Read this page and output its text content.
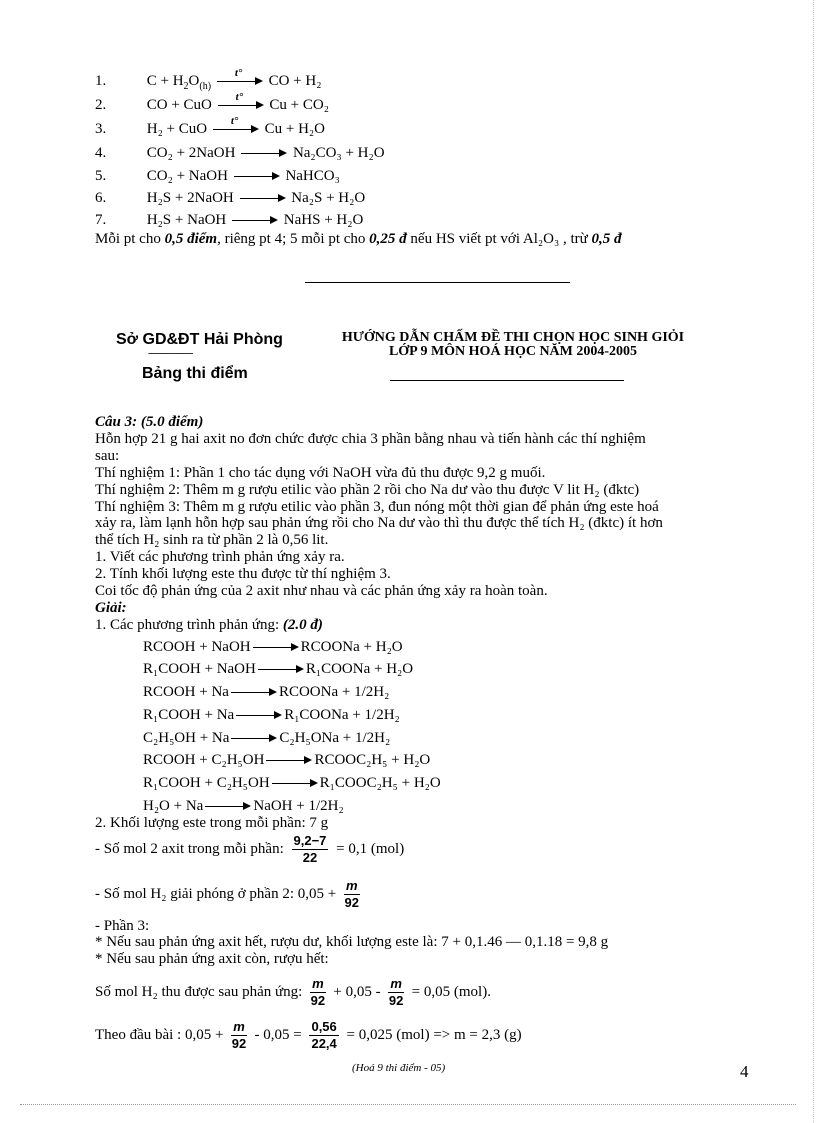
1.	$C + H_2O_{(h)}$
t°
CO + H₂
2.	CO + CuO
t°
Cu + CO₂
3.	H₂ + CuO
t°
Cu + H₂O
4.	CO₂ + 2NaOH	Na₂CO₃ + H₂O
5.	CO₂ + NaOH	NaHCO₃
6.	H₂S + 2NaOH	Na₂S + H₂O
7.	H₂S + NaOH	NaHS + H₂O
Mỗi pt cho 0,5 điểm, riêng pt 4; 5 mỗi pt cho 0,25 đ nếu HS viết pt với Al₂O₃ , trừ 0,5 đ
Sở GD&ĐT Hải Phòng
-------------------
Bảng thi điểm
HƯỚNG DẪN CHẤM ĐỀ THI CHỌN HỌC SINH GIỎI
LỚP 9 MÔN HOÁ HỌC NĂM 2004-2005
Câu 3: (5.0 điểm)
Hỗn hợp 21 g hai axit no đơn chức được chia 3 phần bằng nhau và tiến hành các thí nghiệm
sau:
Thí nghiệm 1: Phần 1 cho tác dụng với NaOH vừa đủ thu được 9,2 g muối.
Thí nghiệm 2: Thêm m g rượu etilic vào phần 2 rồi cho Na dư vào thu được V lit H₂ (đktc)
Thí nghiệm 3: Thêm m g rượu etilic vào phần 3, đun nóng một thời gian để phản ứng este hoá
xảy ra, làm lạnh hỗn hợp sau phản ứng rồi cho Na dư vào thì thu được thể tích H₂ (đktc) ít hơn
thể tích H₂ sinh ra từ phần 2 là 0,56 lit.
1. Viết các phương trình phản ứng xảy ra.
2. Tính khối lượng este thu được từ thí nghiệm 3.
Coi tốc độ phản ứng của 2 axit như nhau và các phản ứng xảy ra hoàn toàn.
Giải:
1. Các phương trình phản ứng: (2.0 đ)
RCOOH + NaOH	RCOONa + H₂O
R₁COOH + NaOH	R₁COONa + H₂O
RCOOH + Na	RCOONa + 1/2H₂
R₁COOH + Na	R₁COONa + 1/2H₂
C₂H₅OH + Na	C₂H₅ONa + 1/2H₂
RCOOH + C₂H₅OH	RCOOC₂H₅ + H₂O
R₁COOH + C₂H₅OH	R₁COOC₂H₅ + H₂O
H₂O + Na	NaOH + 1/2H₂
2. Khối lượng este trong mỗi phần: 7 g
- Số mol 2 axit trong mỗi phần: $\frac{9,2-7}{22} = 0,1$ (mol)
- Số mol H₂ giải phóng ở phần 2: $0,05 + \frac{m}{92}$
- Phần 3:
* Nếu sau phản ứng axit hết, rượu dư, khối lượng este là: 7 + 0,1.46 — 0,1.18 = 9,8 g
* Nếu sau phản ứng axit còn, rượu hết:
Số mol H₂ thu được sau phản ứng: $\frac{m}{92} + 0,05 - \frac{m}{92} = 0,05$ (mol).
Theo đầu bài : $0,05 + \frac{m}{92} - 0,05 = \frac{0,56}{22,4} = 0,025$ (mol) => m = 2,3 (g)
(Hoá 9 thi điểm - 05)	4
